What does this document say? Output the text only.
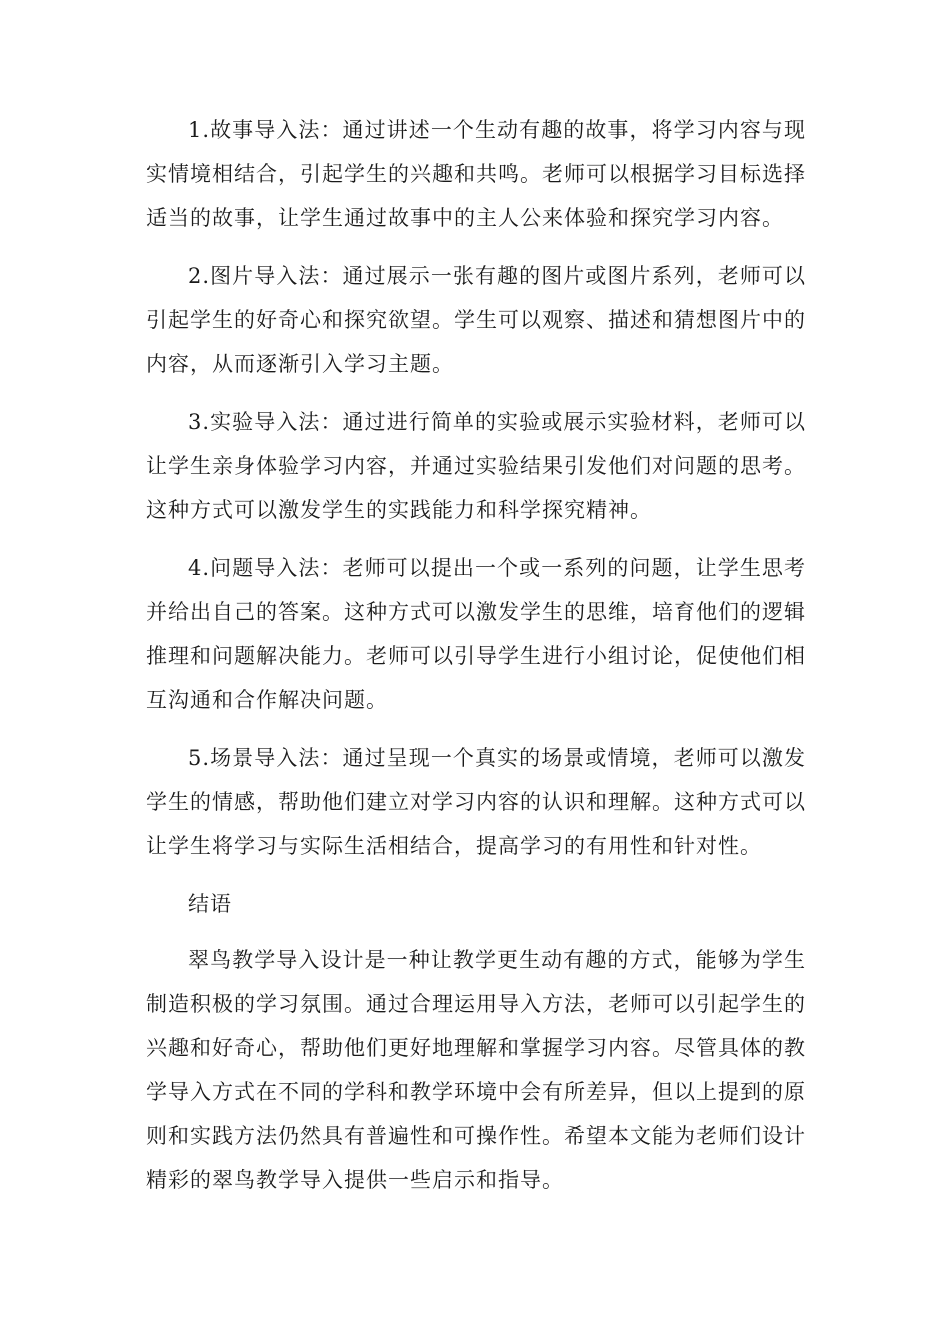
1.故事导入法：通过讲述一个生动有趣的故事，将学习内容与现实情境相结合，引起学生的兴趣和共鸣。老师可以根据学习目标选择适当的故事，让学生通过故事中的主人公来体验和探究学习内容。

2.图片导入法：通过展示一张有趣的图片或图片系列，老师可以引起学生的好奇心和探究欲望。学生可以观察、描述和猜想图片中的内容，从而逐渐引入学习主题。

3.实验导入法：通过进行简单的实验或展示实验材料，老师可以让学生亲身体验学习内容，并通过实验结果引发他们对问题的思考。这种方式可以激发学生的实践能力和科学探究精神。

4.问题导入法：老师可以提出一个或一系列的问题，让学生思考并给出自己的答案。这种方式可以激发学生的思维，培育他们的逻辑推理和问题解决能力。老师可以引导学生进行小组讨论，促使他们相互沟通和合作解决问题。

5.场景导入法：通过呈现一个真实的场景或情境，老师可以激发学生的情感，帮助他们建立对学习内容的认识和理解。这种方式可以让学生将学习与实际生活相结合，提高学习的有用性和针对性。

结语

翠鸟教学导入设计是一种让教学更生动有趣的方式，能够为学生制造积极的学习氛围。通过合理运用导入方法，老师可以引起学生的兴趣和好奇心，帮助他们更好地理解和掌握学习内容。尽管具体的教学导入方式在不同的学科和教学环境中会有所差异，但以上提到的原则和实践方法仍然具有普遍性和可操作性。希望本文能为老师们设计精彩的翠鸟教学导入提供一些启示和指导。
